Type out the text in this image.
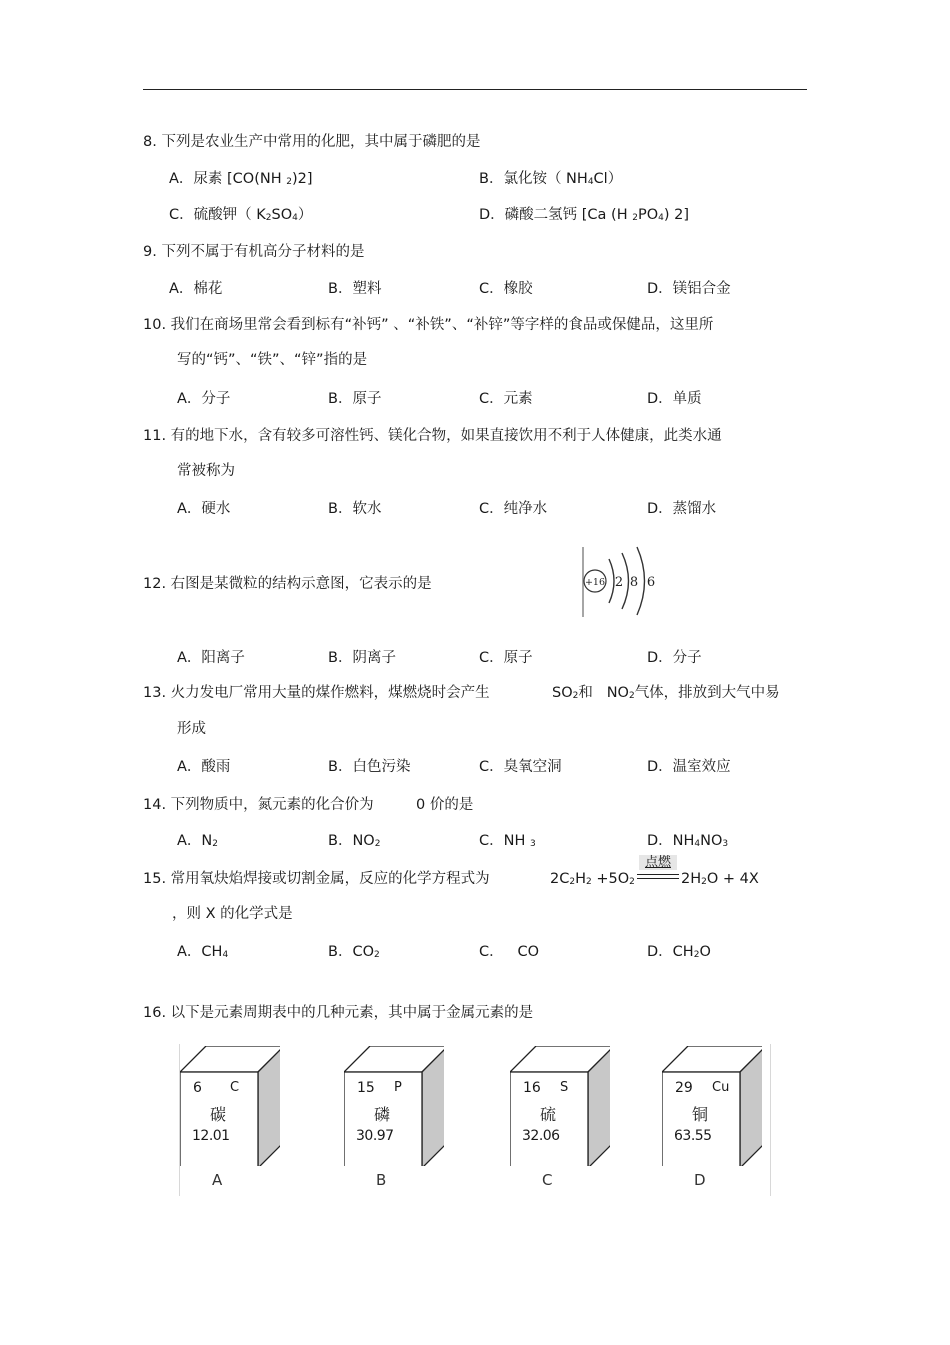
8. 下列是农业生产中常用的化肥，其中属于磷肥的是
A．尿素 [CO(NH $_2$)2]	B．氯化铵（ $NH_4Cl$）
C．硫酸钾（ $K_2SO_4$）	D．磷酸二氢钙 [Ca (H $_2PO_4$) 2]
9. 下列不属于有机高分子材料的是
A．棉花	B．塑料	C．橡胶	D．镁铝合金
10. 我们在商场里常会看到标有“补钙” 、“补铁”、“补锌”等字样的食品或保健品，这里所
写的“钙”、“铁”、“锌”指的是
A．分子	B．原子	C．元素	D．单质
11. 有的地下水，含有较多可溶性钙、镁化合物，如果直接饮用不利于人体健康，此类水通
常被称为
A．硬水	B．软水	C．纯净水	D．蒸馏水
12. 右图是某微粒的结构示意图，它表示的是	+16 2 8 6
A．阳离子	B．阴离子	C．原子	D．分子
13. 火力发电厂常用大量的煤作燃料，煤燃烧时会产生	$SO_2$和 $NO_2$气体，排放到大气中易
形成
A．酸雨	B．白色污染	C．臭氧空洞	D．温室效应
14. 下列物质中，氮元素的化合价为	0 价的是
A．$N_2$	B．$NO_2$	C．NH $_3$	D．$NH_4NO_3$
15. 常用氧炔焰焊接或切割金属，反应的化学方程式为	$2C_2H_2 +5O_2$
点燃
$2H_2O + 4X$
，则 X 的化学式是
A．$CH_4$	B．$CO_2$	C．   CO	D．$CH_2O$
16. 以下是元素周期表中的几种元素，其中属于金属元素的是
6 C
碳
12.01
A
15 P
磷
30.97
B
16 S
硫
32.06
C
29 Cu
铜
63.55
D
